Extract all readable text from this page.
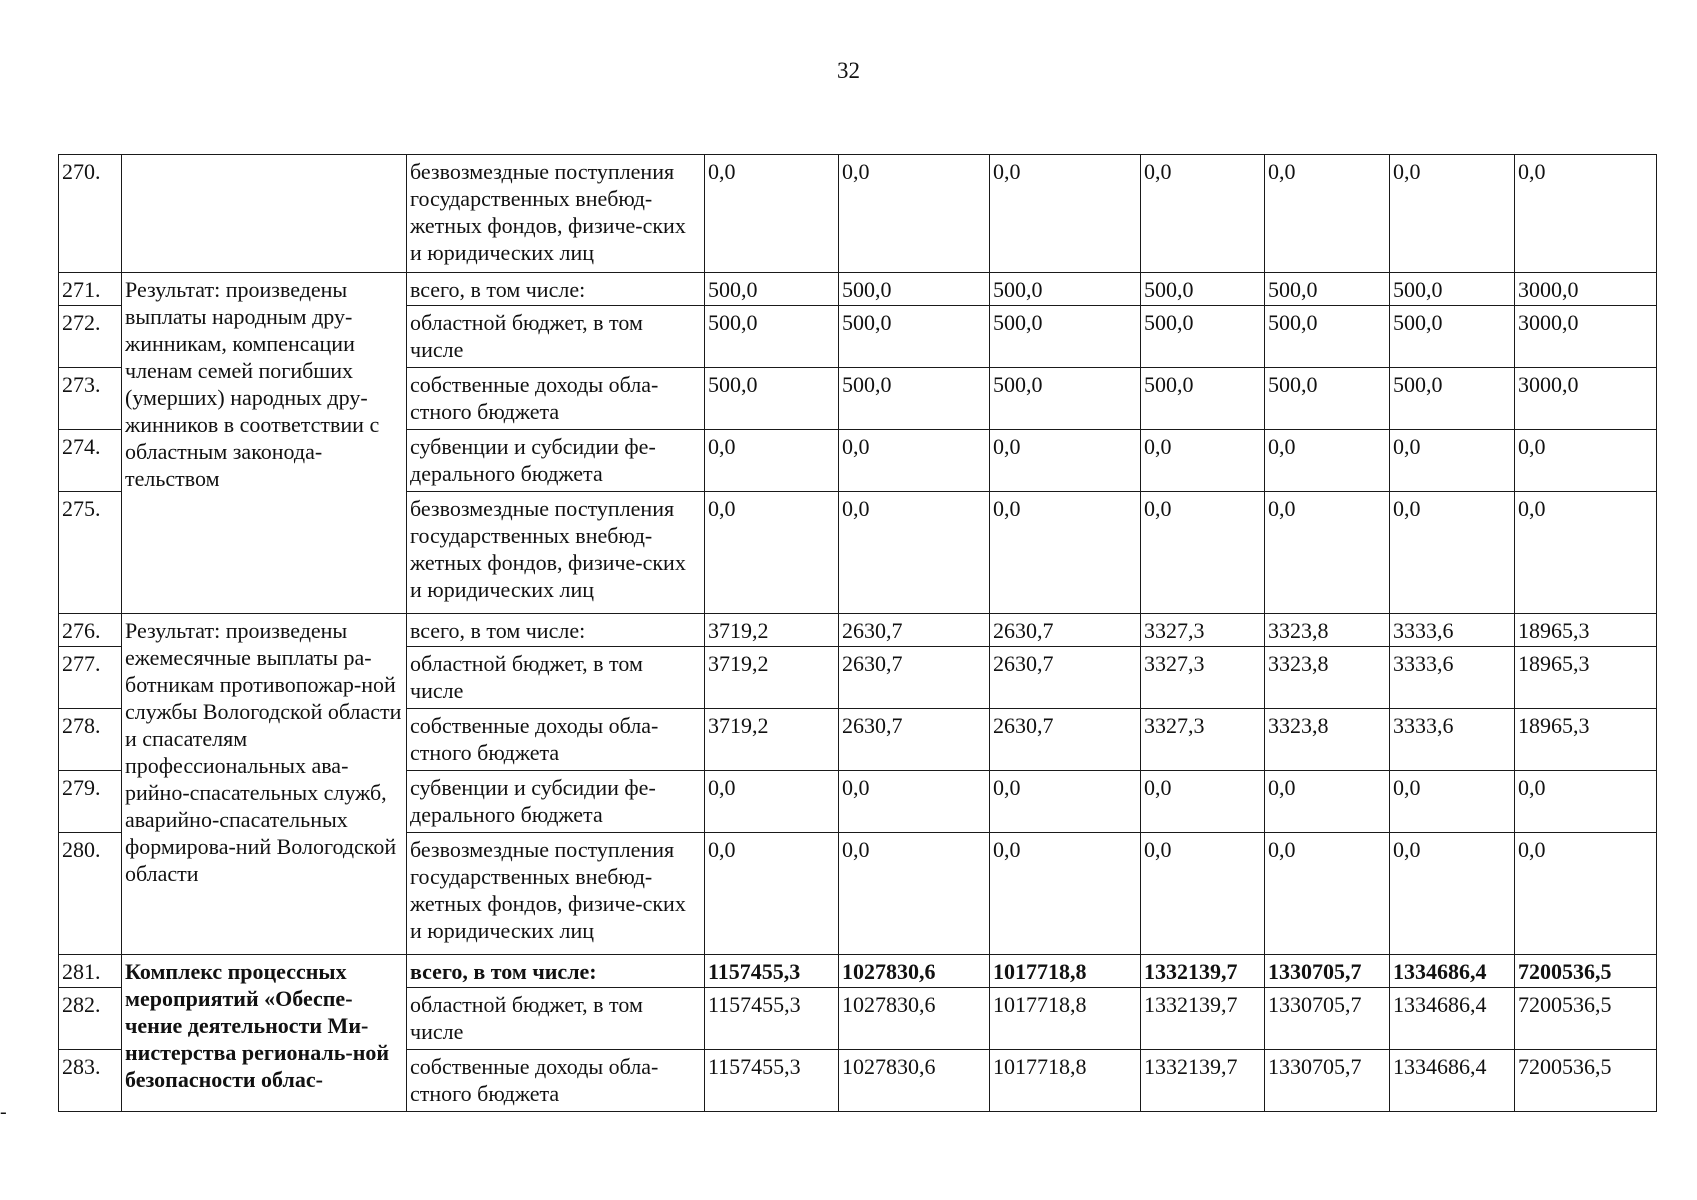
32
-
270.		безвозмездные поступления государственных внебюд-жетных фондов, физиче-ских и юридических лиц	0,0	0,0	0,0	0,0	0,0	0,0	0,0
271.	Результат: произведены выплаты народным дру-жинникам, компенсации членам семей погибших (умерших) народных дру-жинников в соответствии с областным законода-тельством	всего, в том числе:	500,0	500,0	500,0	500,0	500,0	500,0	3000,0
272.		областной бюджет, в том числе	500,0	500,0	500,0	500,0	500,0	500,0	3000,0
273.		собственные доходы обла-стного бюджета	500,0	500,0	500,0	500,0	500,0	500,0	3000,0
274.		субвенции и субсидии фе-дерального бюджета	0,0	0,0	0,0	0,0	0,0	0,0	0,0
275.		безвозмездные поступления государственных внебюд-жетных фондов, физиче-ских и юридических лиц	0,0	0,0	0,0	0,0	0,0	0,0	0,0
276.	Результат: произведены ежемесячные выплаты ра-ботникам противопожар-ной службы Вологодской области и спасателям профессиональных ава-рийно-спасательных служб, аварийно-спасательных формирова-ний Вологодской области	всего, в том числе:	3719,2	2630,7	2630,7	3327,3	3323,8	3333,6	18965,3
277.		областной бюджет, в том числе	3719,2	2630,7	2630,7	3327,3	3323,8	3333,6	18965,3
278.		собственные доходы обла-стного бюджета	3719,2	2630,7	2630,7	3327,3	3323,8	3333,6	18965,3
279.		субвенции и субсидии фе-дерального бюджета	0,0	0,0	0,0	0,0	0,0	0,0	0,0
280.		безвозмездные поступления государственных внебюд-жетных фондов, физиче-ских и юридических лиц	0,0	0,0	0,0	0,0	0,0	0,0	0,0
281.	Комплекс процессных мероприятий «Обеспе-чение деятельности Ми-нистерства региональ-ной безопасности облас-	всего, в том числе:	1157455,3	1027830,6	1017718,8	1332139,7	1330705,7	1334686,4	7200536,5
282.		областной бюджет, в том числе	1157455,3	1027830,6	1017718,8	1332139,7	1330705,7	1334686,4	7200536,5
283.		собственные доходы обла-стного бюджета	1157455,3	1027830,6	1017718,8	1332139,7	1330705,7	1334686,4	7200536,5
